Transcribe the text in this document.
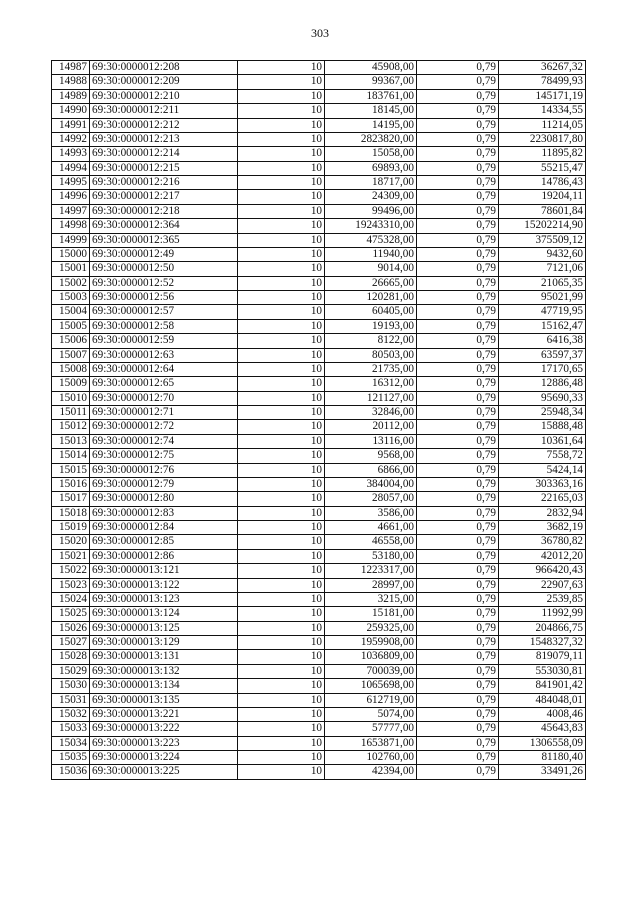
303
14987	69:30:0000012:208	10	45908,00	0,79	36267,32
14988	69:30:0000012:209	10	99367,00	0,79	78499,93
14989	69:30:0000012:210	10	183761,00	0,79	145171,19
14990	69:30:0000012:211	10	18145,00	0,79	14334,55
14991	69:30:0000012:212	10	14195,00	0,79	11214,05
14992	69:30:0000012:213	10	2823820,00	0,79	2230817,80
14993	69:30:0000012:214	10	15058,00	0,79	11895,82
14994	69:30:0000012:215	10	69893,00	0,79	55215,47
14995	69:30:0000012:216	10	18717,00	0,79	14786,43
14996	69:30:0000012:217	10	24309,00	0,79	19204,11
14997	69:30:0000012:218	10	99496,00	0,79	78601,84
14998	69:30:0000012:364	10	19243310,00	0,79	15202214,90
14999	69:30:0000012:365	10	475328,00	0,79	375509,12
15000	69:30:0000012:49	10	11940,00	0,79	9432,60
15001	69:30:0000012:50	10	9014,00	0,79	7121,06
15002	69:30:0000012:52	10	26665,00	0,79	21065,35
15003	69:30:0000012:56	10	120281,00	0,79	95021,99
15004	69:30:0000012:57	10	60405,00	0,79	47719,95
15005	69:30:0000012:58	10	19193,00	0,79	15162,47
15006	69:30:0000012:59	10	8122,00	0,79	6416,38
15007	69:30:0000012:63	10	80503,00	0,79	63597,37
15008	69:30:0000012:64	10	21735,00	0,79	17170,65
15009	69:30:0000012:65	10	16312,00	0,79	12886,48
15010	69:30:0000012:70	10	121127,00	0,79	95690,33
15011	69:30:0000012:71	10	32846,00	0,79	25948,34
15012	69:30:0000012:72	10	20112,00	0,79	15888,48
15013	69:30:0000012:74	10	13116,00	0,79	10361,64
15014	69:30:0000012:75	10	9568,00	0,79	7558,72
15015	69:30:0000012:76	10	6866,00	0,79	5424,14
15016	69:30:0000012:79	10	384004,00	0,79	303363,16
15017	69:30:0000012:80	10	28057,00	0,79	22165,03
15018	69:30:0000012:83	10	3586,00	0,79	2832,94
15019	69:30:0000012:84	10	4661,00	0,79	3682,19
15020	69:30:0000012:85	10	46558,00	0,79	36780,82
15021	69:30:0000012:86	10	53180,00	0,79	42012,20
15022	69:30:0000013:121	10	1223317,00	0,79	966420,43
15023	69:30:0000013:122	10	28997,00	0,79	22907,63
15024	69:30:0000013:123	10	3215,00	0,79	2539,85
15025	69:30:0000013:124	10	15181,00	0,79	11992,99
15026	69:30:0000013:125	10	259325,00	0,79	204866,75
15027	69:30:0000013:129	10	1959908,00	0,79	1548327,32
15028	69:30:0000013:131	10	1036809,00	0,79	819079,11
15029	69:30:0000013:132	10	700039,00	0,79	553030,81
15030	69:30:0000013:134	10	1065698,00	0,79	841901,42
15031	69:30:0000013:135	10	612719,00	0,79	484048,01
15032	69:30:0000013:221	10	5074,00	0,79	4008,46
15033	69:30:0000013:222	10	57777,00	0,79	45643,83
15034	69:30:0000013:223	10	1653871,00	0,79	1306558,09
15035	69:30:0000013:224	10	102760,00	0,79	81180,40
15036	69:30:0000013:225	10	42394,00	0,79	33491,26
